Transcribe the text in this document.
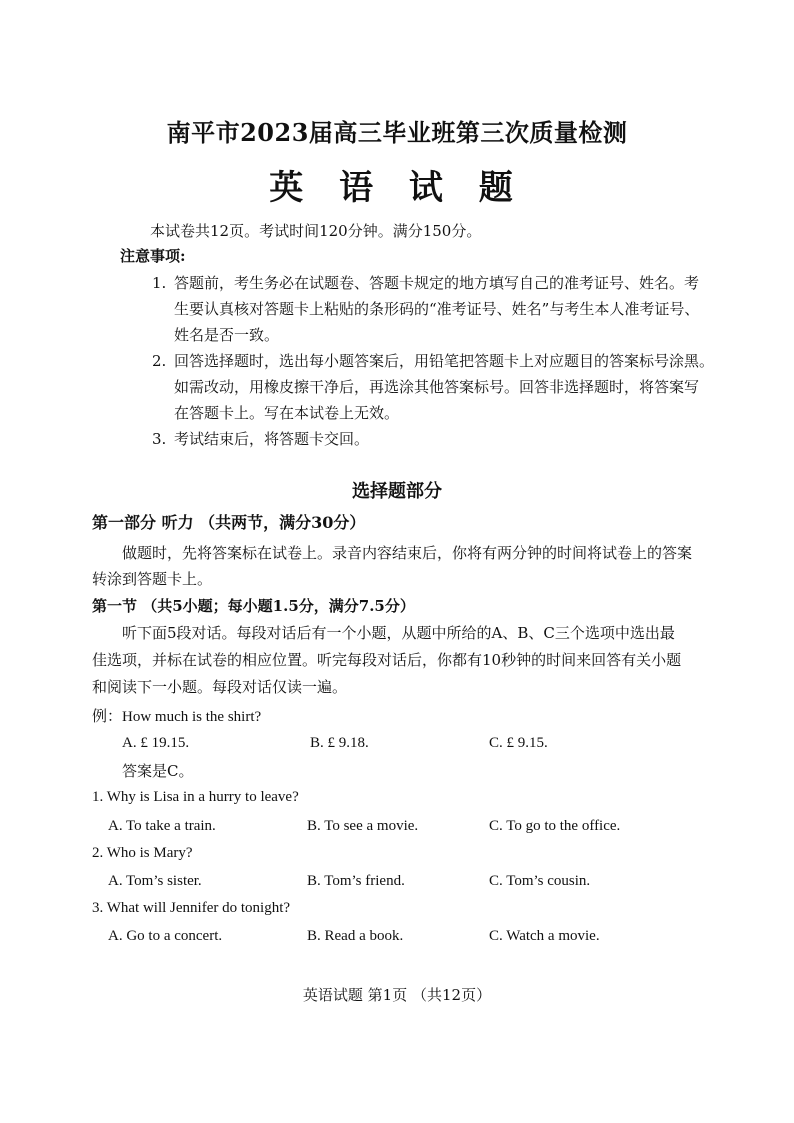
南平市2023届高三毕业班第三次质量检测
英 语 试 题
本试卷共12页。考试时间120分钟。满分150分。
注意事项:
1. 答题前，考生务必在试题卷、答题卡规定的地方填写自己的准考证号、姓名。考
生要认真核对答题卡上粘贴的条形码的“准考证号、姓名”与考生本人准考证号、
姓名是否一致。
2. 回答选择题时，选出每小题答案后，用铅笔把答题卡上对应题目的答案标号涂黑。
如需改动，用橡皮擦干净后，再选涂其他答案标号。回答非选择题时，将答案写
在答题卡上。写在本试卷上无效。
3. 考试结束后，将答题卡交回。
选择题部分
第一部分 听力 （共两节，满分30分）
做题时，先将答案标在试卷上。录音内容结束后，你将有两分钟的时间将试卷上的答案
转涂到答题卡上。
第一节 （共5小题；每小题1.5分，满分7.5分）
听下面5段对话。每段对话后有一个小题，从题中所给的A、B、C三个选项中选出最
佳选项，并标在试卷的相应位置。听完每段对话后，你都有10秒钟的时间来回答有关小题
和阅读下一小题。每段对话仅读一遍。
例：How much is the shirt?
A. £ 19.15.	B. £ 9.18.	C. £ 9.15.
答案是C。
1. Why is Lisa in a hurry to leave?
A. To take a train.	B. To see a movie.	C. To go to the office.
2. Who is Mary?
A. Tom’s sister.	B. Tom’s friend.	C. Tom’s cousin.
3. What will Jennifer do tonight?
A. Go to a concert.	B. Read a book.	C. Watch a movie.
英语试题 第1页 （共12页）
